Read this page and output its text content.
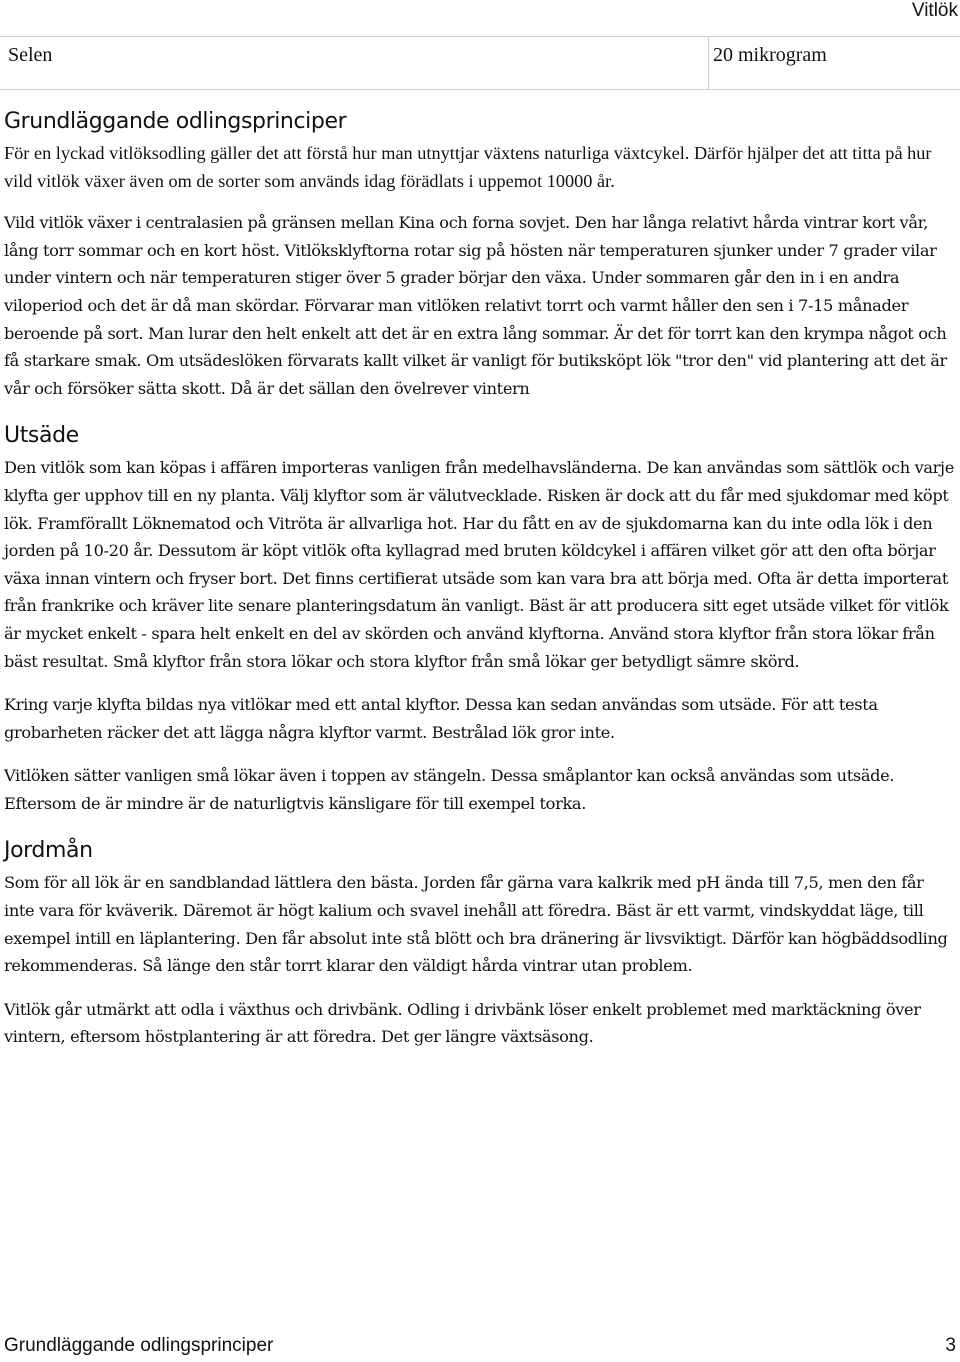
Vitlök
Selen	20 mikrogram
Grundläggande odlingsprinciper

För en lyckad vitlöksodling gäller det att förstå hur man utnyttjar växtens naturliga växtcykel. Därför hjälper det att titta på hur vild vitlök växer även om de sorter som används idag förädlats i uppemot 10000 år.

Vild vitlök växer i centralasien på gränsen mellan Kina och forna sovjet. Den har långa relativt hårda vintrar kort vår, lång torr sommar och en kort höst. Vitlöksklyftorna rotar sig på hösten när temperaturen sjunker under 7 grader vilar under vintern och när temperaturen stiger över 5 grader börjar den växa. Under sommaren går den in i en andra viloperiod och det är då man skördar. Förvarar man vitlöken relativt torrt och varmt håller den sen i 7-15 månader beroende på sort. Man lurar den helt enkelt att det är en extra lång sommar. Är det för torrt kan den krympa något och få starkare smak. Om utsädeslöken förvarats kallt vilket är vanligt för butiksköpt lök "tror den" vid plantering att det är vår och försöker sätta skott. Då är det sällan den övelrever vintern

Utsäde

Den vitlök som kan köpas i affären importeras vanligen från medelhavsländerna. De kan användas som sättlök och varje klyfta ger upphov till en ny planta. Välj klyftor som är välutvecklade. Risken är dock att du får med sjukdomar med köpt lök. Framförallt Löknematod och Vitröta är allvarliga hot. Har du fått en av de sjukdomarna kan du inte odla lök i den jorden på 10-20 år. Dessutom är köpt vitlök ofta kyllagrad med bruten köldcykel i affären vilket gör att den ofta börjar växa innan vintern och fryser bort. Det finns certifierat utsäde som kan vara bra att börja med. Ofta är detta importerat från frankrike och kräver lite senare planteringsdatum än vanligt. Bäst är att producera sitt eget utsäde vilket för vitlök är mycket enkelt - spara helt enkelt en del av skörden och använd klyftorna. Använd stora klyftor från stora lökar från bäst resultat. Små klyftor från stora lökar och stora klyftor från små lökar ger betydligt sämre skörd.

Kring varje klyfta bildas nya vitlökar med ett antal klyftor. Dessa kan sedan användas som utsäde. För att testa grobarheten räcker det att lägga några klyftor varmt. Bestrålad lök gror inte.

Vitlöken sätter vanligen små lökar även i toppen av stängeln. Dessa småplantor kan också användas som utsäde. Eftersom de är mindre är de naturligtvis känsligare för till exempel torka.

Jordmån

Som för all lök är en sandblandad lättlera den bästa. Jorden får gärna vara kalkrik med pH ända till 7,5, men den får inte vara för kväverik. Däremot är högt kalium och svavel inehåll att föredra. Bäst är ett varmt, vindskyddat läge, till exempel intill en läplantering. Den får absolut inte stå blött och bra dränering är livsviktigt. Därför kan högbäddsodling rekommenderas. Så länge den står torrt klarar den väldigt hårda vintrar utan problem.

Vitlök går utmärkt att odla i växthus och drivbänk. Odling i drivbänk löser enkelt problemet med marktäckning över vintern, eftersom höstplantering är att föredra. Det ger längre växtsäsong.

Grundläggande odlingsprinciper	3
